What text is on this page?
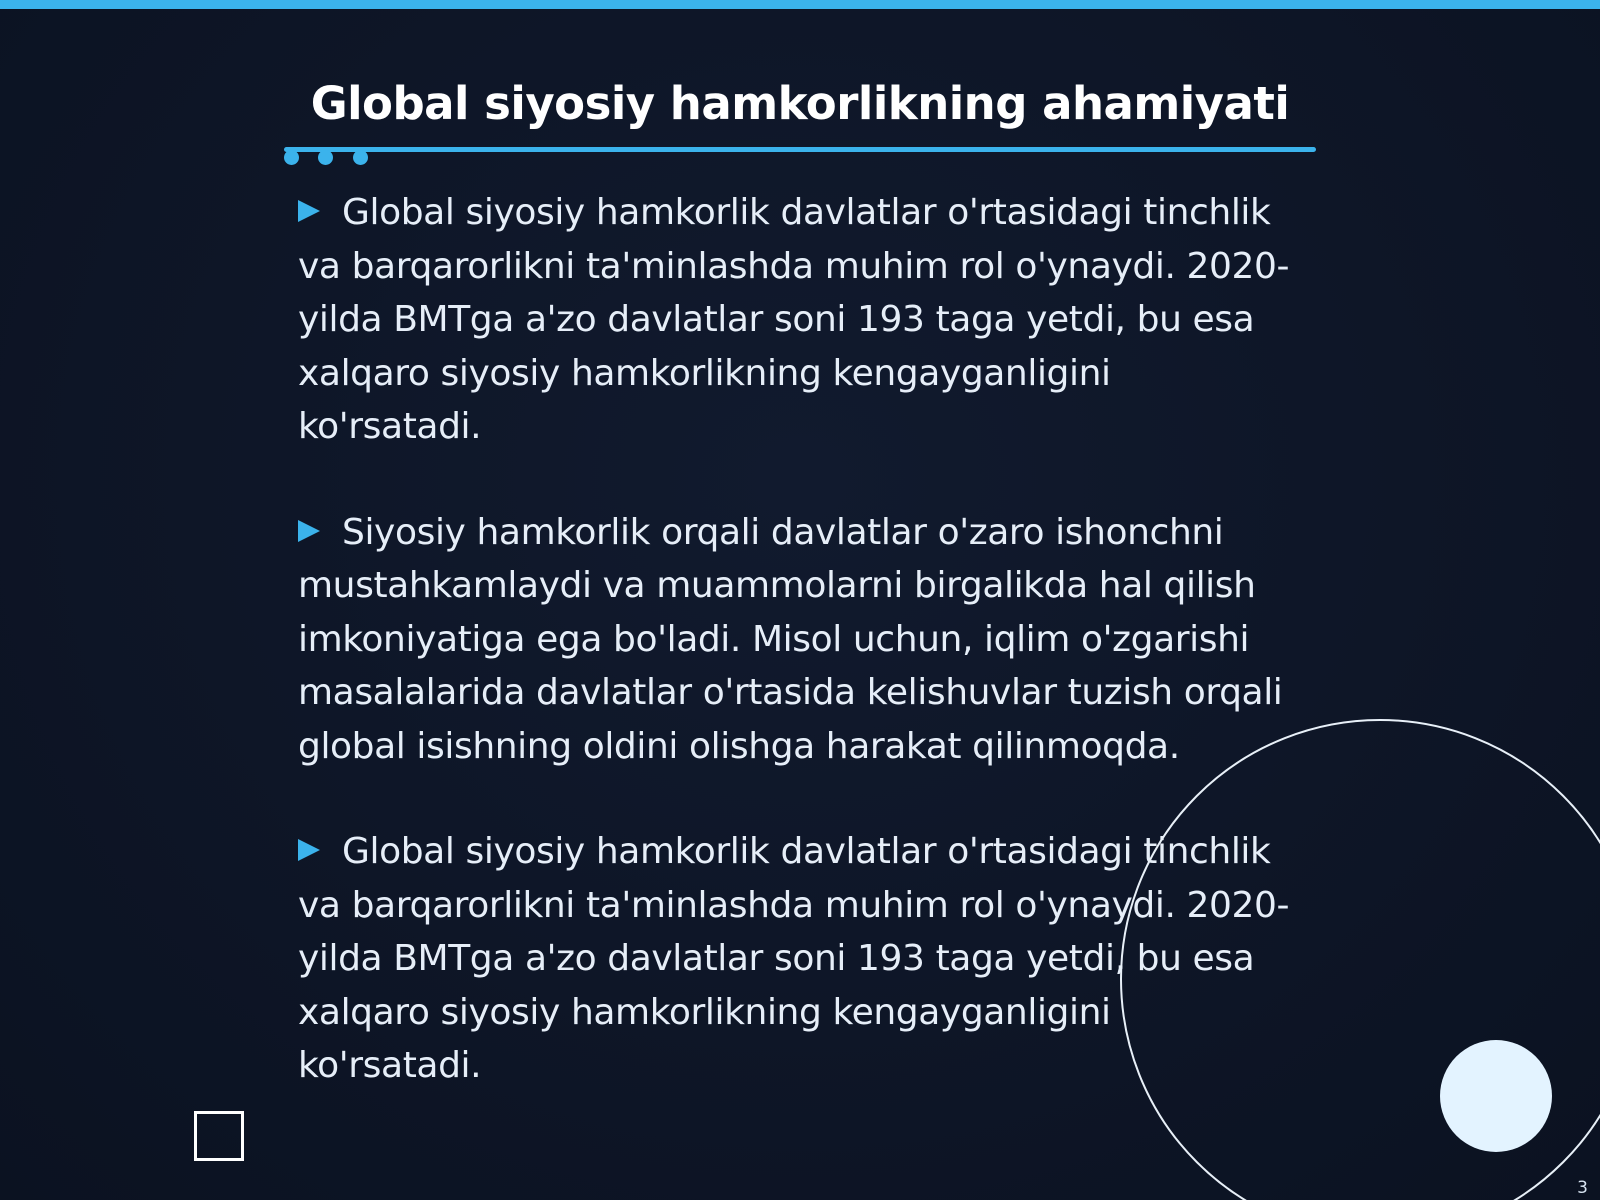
Global siyosiy hamkorlikning ahamiyati

Global siyosiy hamkorlik davlatlar o'rtasidagi tinchlik va barqarorlikni ta'minlashda muhim rol o'ynaydi. 2020-yilda BMTga a'zo davlatlar soni 193 taga yetdi, bu esa xalqaro siyosiy hamkorlikning kengayganligini ko'rsatadi.

Siyosiy hamkorlik orqali davlatlar o'zaro ishonchni mustahkamlaydi va muammolarni birgalikda hal qilish imkoniyatiga ega bo'ladi. Misol uchun, iqlim o'zgarishi masalalarida davlatlar o'rtasida kelishuvlar tuzish orqali global isishning oldini olishga harakat qilinmoqda.

Global siyosiy hamkorlik davlatlar o'rtasidagi tinchlik va barqarorlikni ta'minlashda muhim rol o'ynaydi. 2020-yilda BMTga a'zo davlatlar soni 193 taga yetdi, bu esa xalqaro siyosiy hamkorlikning kengayganligini ko'rsatadi.

3
